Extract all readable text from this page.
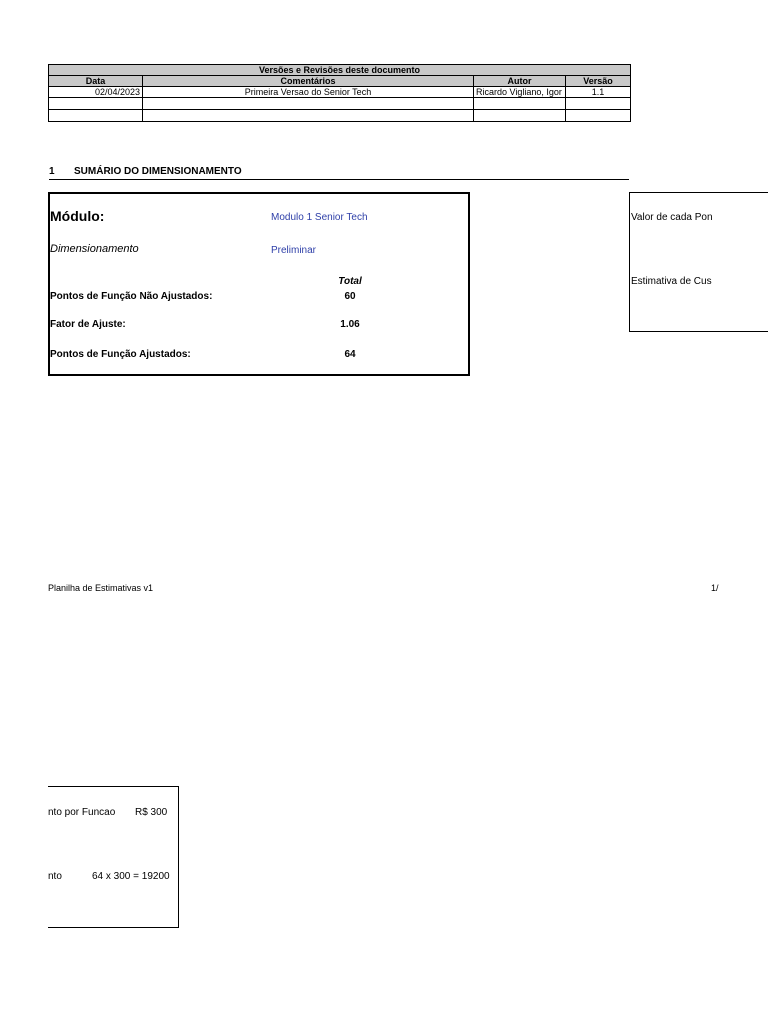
Versões e Revisões deste documento			
Data	Comentários	Autor	Versão
02/04/2023	Primeira Versao do Senior Tech	Ricardo Vigliano, Igor	1.1

1 SUMÁRIO DO DIMENSIONAMENTO
Módulo:	Modulo 1 Senior Tech
Dimensionamento	Preliminar
Total
Pontos de Função Não Ajustados:	60
Fator de Ajuste:	1.06
Pontos de Função Ajustados:	64
Valor de cada Pon
Estimativa de Cus
Planilha de Estimativas v1	1/
nto por Funcao R$ 300
nto	64 x 300 = 19200
